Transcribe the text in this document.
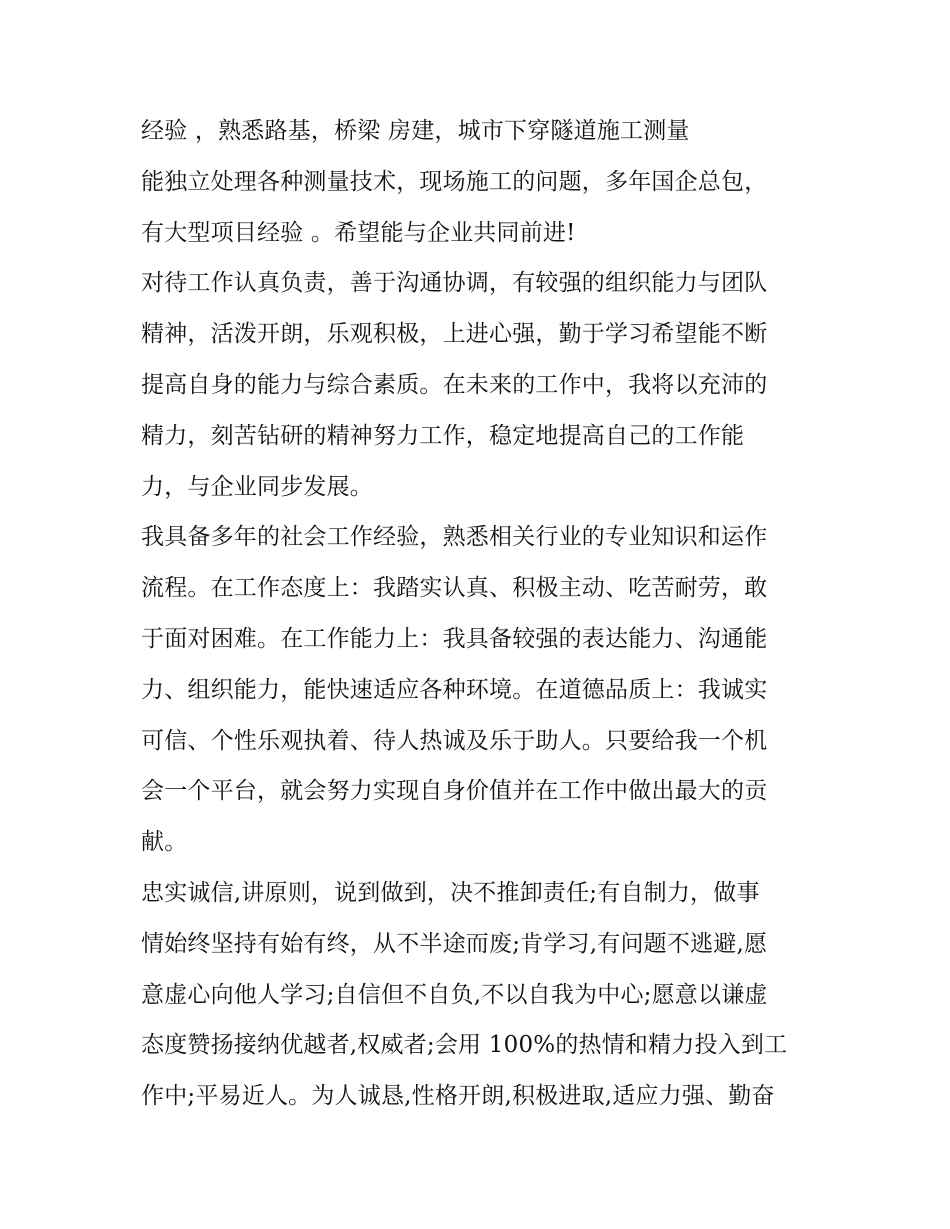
经验 ，熟悉路基，桥梁 房建，城市下穿隧道施工测量
能独立处理各种测量技术，现场施工的问题，多年国企总包，
有大型项目经验 。希望能与企业共同前进!
对待工作认真负责，善于沟通协调，有较强的组织能力与团队
精神，活泼开朗，乐观积极，上进心强，勤于学习希望能不断
提高自身的能力与综合素质。在未来的工作中，我将以充沛的
精力，刻苦钻研的精神努力工作，稳定地提高自己的工作能
力，与企业同步发展。
我具备多年的社会工作经验，熟悉相关行业的专业知识和运作
流程。在工作态度上：我踏实认真、积极主动、吃苦耐劳，敢
于面对困难。在工作能力上：我具备较强的表达能力、沟通能
力、组织能力，能快速适应各种环境。在道德品质上：我诚实
可信、个性乐观执着、待人热诚及乐于助人。只要给我一个机
会一个平台，就会努力实现自身价值并在工作中做出最大的贡
献。
忠实诚信,讲原则，说到做到，决不推卸责任;有自制力，做事
情始终坚持有始有终，从不半途而废;肯学习,有问题不逃避,愿
意虚心向他人学习;自信但不自负,不以自我为中心;愿意以谦虚
态度赞扬接纳优越者,权威者;会用 100%的热情和精力投入到工
作中;平易近人。为人诚恳,性格开朗,积极进取,适应力强、勤奋
